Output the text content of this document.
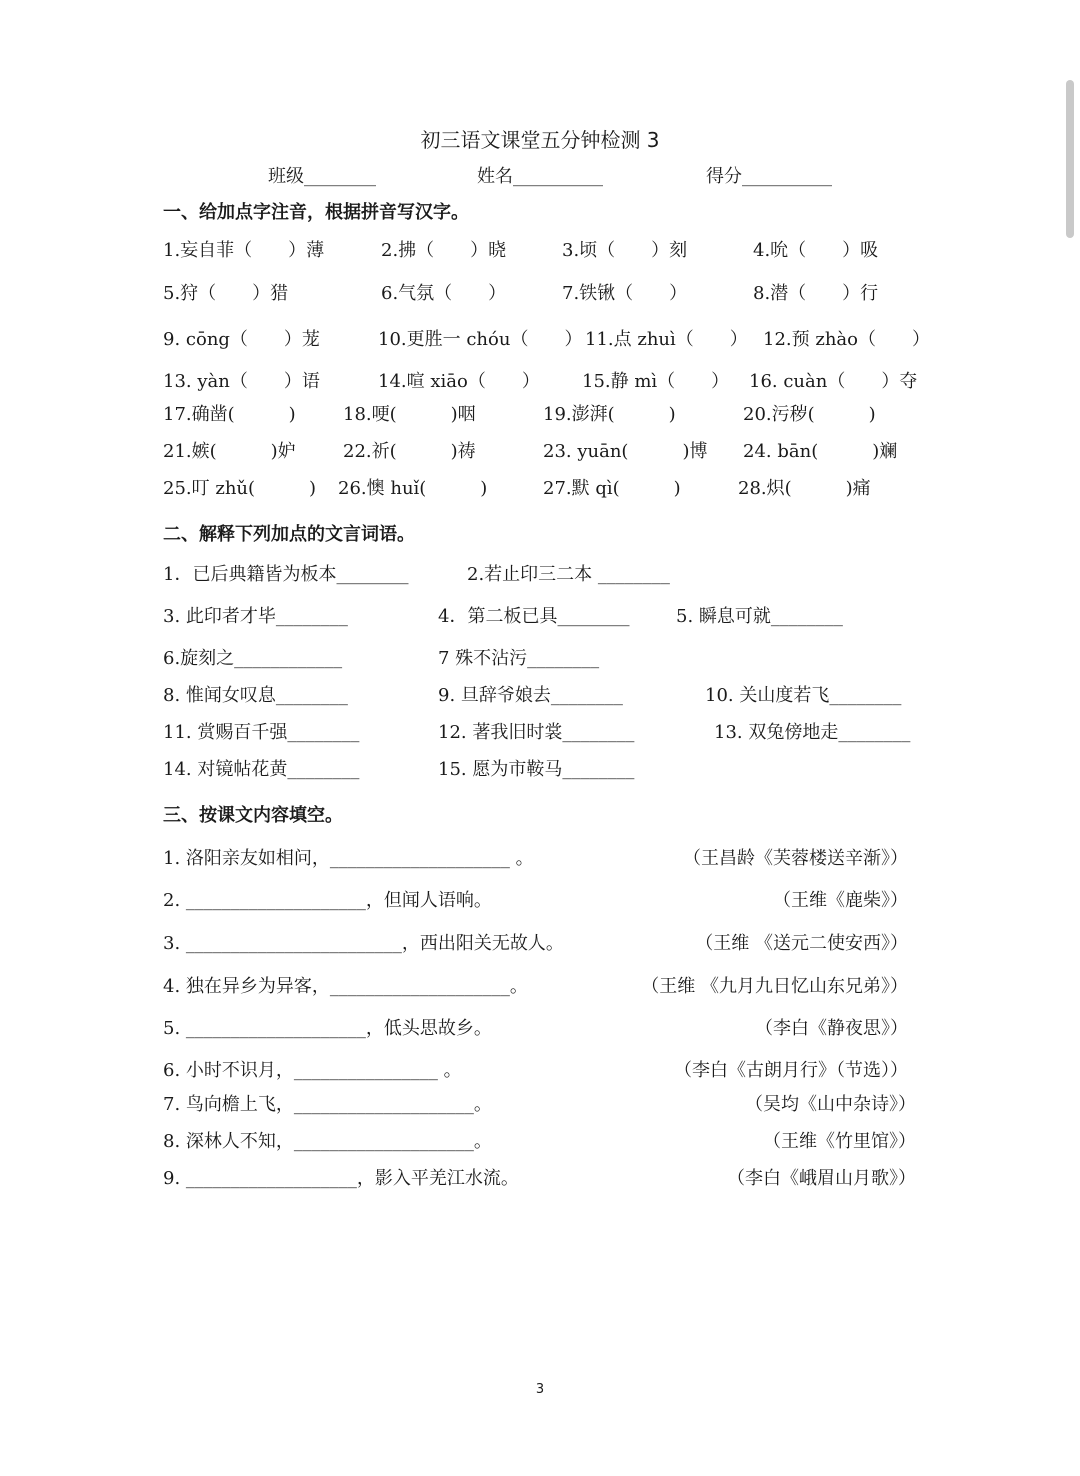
初三语文课堂五分钟检测 3
班级________	姓名__________	得分__________
一、给加点字注音，根据拼音写汉字。
1.妄自菲（　　）薄	2.拂（　　）晓	3.顷（　　）刻	4.吮（　　）吸
5.狩（　　）猎	6.气氛（　　）	7.铁锹（　　）	8.潜（　　）行
9. cōng（　　）茏	10.更胜一 chóu（　　） 11.点 zhuì（　　） 12.预 zhào（　　）
13. yàn（　　）语	14.喧 xiāo（　　） 15.静 mì（　　） 16. cuàn（　　）夺
17.确凿(　　　)	18.哽(　　　)咽	19.澎湃(　　　)	20.污秽(　　　)
21.嫉(　　　)妒	22.祈(　　　)祷	23. yuān(　　　)博 24. bān(　　　)斓
25.叮 zhǔ(　　　) 26.懊 huǐ(　　　)	27.默 qì(　　　)	28.炽(　　　)痛
二、解释下列加点的文言词语。
1．已后典籍皆为板本________	2.若止印三二本 ________
3. 此印者才毕________	4．第二板已具________	5. 瞬息可就________
6.旋刻之____________	7 殊不沾污________
8. 惟闻女叹息________	9. 旦辞爷娘去________	10. 关山度若飞________
11. 赏赐百千强________	12. 著我旧时裳________	13. 双兔傍地走________
14. 对镜帖花黄________	15. 愿为市鞍马________
三、按课文内容填空。
1. 洛阳亲友如相问，____________________ 。	（王昌龄《芙蓉楼送辛渐》）
2. ____________________，但闻人语响。	（王维《鹿柴》）
3. ________________________，西出阳关无故人。	（王维 《送元二使安西》）
4. 独在异乡为异客，____________________。	（王维 《九月九日忆山东兄弟》）
5. ____________________，低头思故乡。	（李白《静夜思》）
6. 小时不识月，________________ 。	（李白《古朗月行》（节选））
7. 鸟向檐上飞，____________________。	（吴均《山中杂诗》）
8. 深林人不知，____________________。	（王维《竹里馆》）
9. ___________________，影入平羌江水流。	（李白《峨眉山月歌》）
3
